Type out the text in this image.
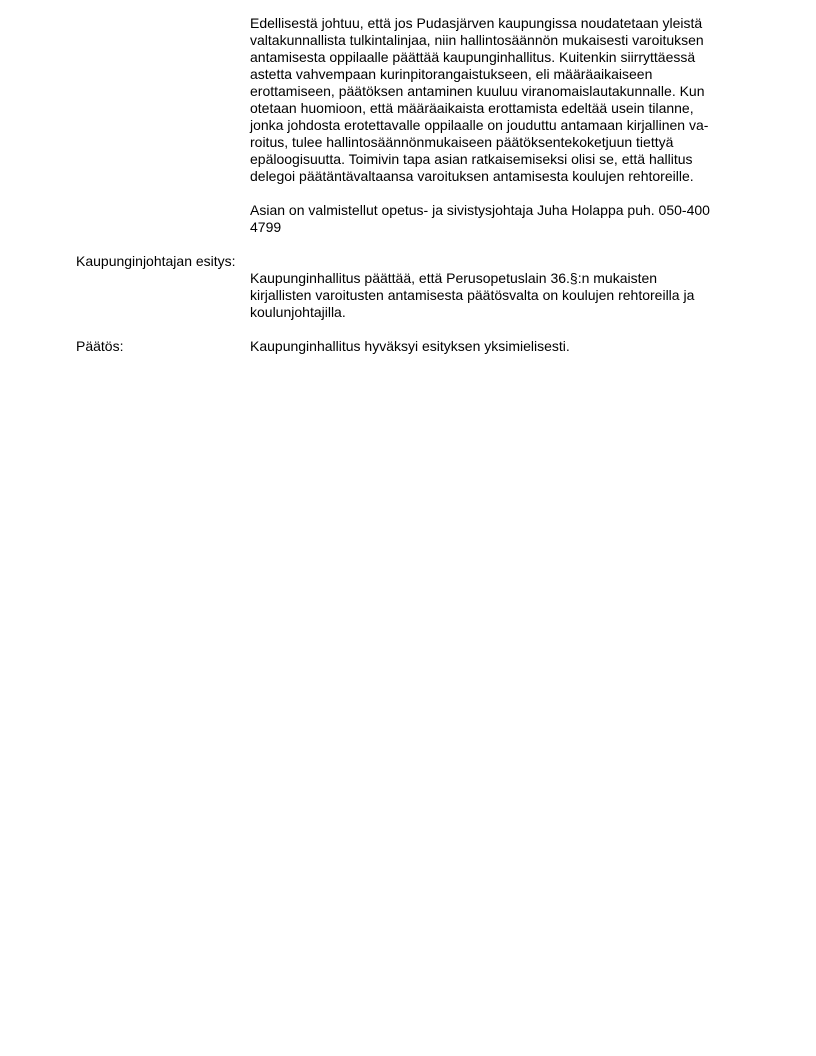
Edellisestä johtuu, että jos Pudasjärven kaupungissa noudatetaan yleistä
valtakunnallista tulkintalinjaa, niin hallintosäännön mukaisesti varoituksen
antamisesta oppilaalle päättää kaupunginhallitus. Kuitenkin siirryttäessä
astetta vahvempaan kurinpitorangaistukseen, eli määräaikaiseen
erottamiseen, päätöksen antaminen kuuluu viranomaislautakunnalle. Kun
otetaan huomioon, että määräaikaista erottamista edeltää usein tilanne,
jonka johdosta erotettavalle oppilaalle on jouduttu antamaan kirjallinen va-
roitus, tulee hallintosäännönmukaiseen päätöksentekoketjuun tiettyä
epäloogisuutta. Toimivin tapa asian ratkaisemiseksi olisi se, että hallitus
delegoi päätäntävaltaansa varoituksen antamisesta koulujen rehtoreille.
Asian on valmistellut opetus- ja sivistysjohtaja Juha Holappa puh. 050-400
4799
Kaupunginjohtajan esitys:
Kaupunginhallitus päättää, että Perusopetuslain 36.§:n mukaisten
kirjallisten varoitusten antamisesta päätösvalta on koulujen rehtoreilla ja
koulunjohtajilla.
Päätös:	Kaupunginhallitus hyväksyi esityksen yksimielisesti.
